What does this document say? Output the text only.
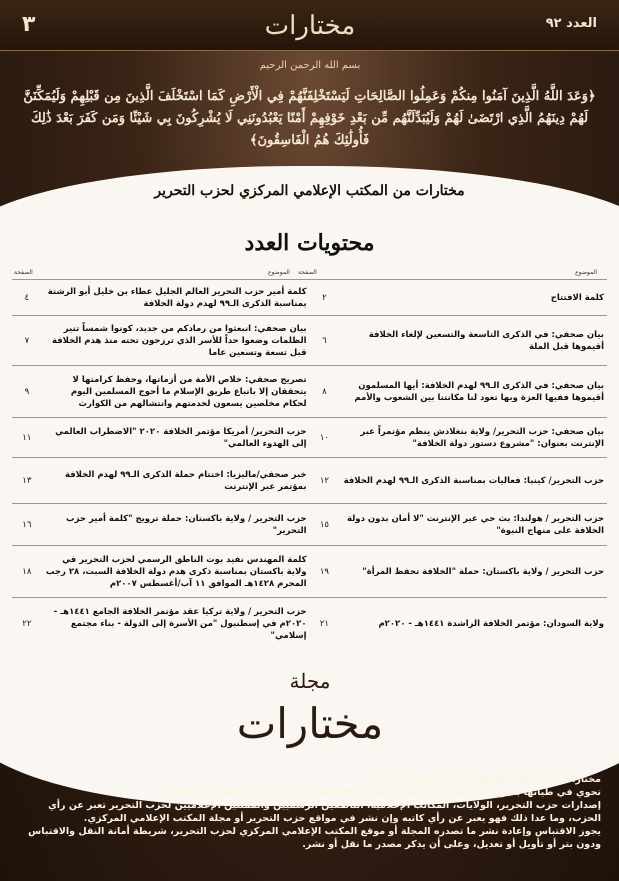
٣	مختارات	العدد ٩٢
بسم الله الرحمن الرحيم
﴿وَعَدَ اللَّهُ الَّذِينَ آمَنُوا مِنكُمْ وَعَمِلُوا الصَّالِحَاتِ لَيَسْتَخْلِفَنَّهُمْ فِي الْأَرْضِ كَمَا اسْتَخْلَفَ الَّذِينَ مِن قَبْلِهِمْ وَلَيُمَكِّنَنَّ لَهُمْ دِينَهُمُ الَّذِي ارْتَضَىٰ لَهُمْ وَلَيُبَدِّلَنَّهُم مِّن بَعْدِ خَوْفِهِمْ أَمْنًا يَعْبُدُونَنِي لَا يُشْرِكُونَ بِي شَيْئًا وَمَن كَفَرَ بَعْدَ ذَٰلِكَ فَأُولَٰئِكَ هُمُ الْفَاسِقُونَ﴾
مختارات من المكتب الإعلامي المركزي لحزب التحرير
محتويات العدد
الموضوع
الصفحة
الموضوع
الصفحة
كلمة الافتتاح	٢	كلمة أمير حزب التحرير العالم الجليل عطاء بن خليل أبو الرشتة بمناسبة الذكرى الـ٩٩ لهدم دولة الخلافة	٤
بيان صحفي: في الذكرى التاسعة والتسعين لإلغاء الخلافة أقيموها قبل الملة	٦	بيان صحفي: انبعثوا من رمادكم من جديد، كونوا شمساً تنير الظلمات وضعوا حداً للأسر الذي ترزحون تحته منذ هدم الخلافة قبل تسعة وتسعين عاما	٧
بيان صحفي: في الذكرى الـ٩٩ لهدم الخلافة: أيها المسلمون أقيموها ففيها العزة وبها تعود لنا مكانتنا بين الشعوب والأمم	٨	تصريح صحفي: خلاص الأمة من أزماتها، وحفظ كرامتها لا يتحققان إلا باتباع طريق الإسلام ما أحوج المسلمين اليوم لحكام مخلصين يسعون لخدمتهم وانتشالهم من الكوارث	٩
بيان صحفي: حزب التحرير/ ولاية بنغلادش ينظم مؤتمراً عبر الإنترنت بعنوان: "مشروع دستور دولة الخلافة"	١٠	حزب التحرير/ أمريكا مؤتمر الخلافة ٢٠٢٠ "الاضطراب العالمي إلى الهدوء العالمي"	١١
حزب التحرير/ كينيا: فعاليات بمناسبة الذكرى الـ٩٩ لهدم الخلافة	١٢	خبر صحفي/ماليزيا: اختتام حملة الذكرى الـ٩٩ لهدم الخلافة بمؤتمر عبر الإنترنت	١٣
حزب التحرير / هولندا: بث حي عبر الإنترنت "لا أمان بدون دولة الخلافة على منهاج النبوة"	١٥	حزب التحرير / ولاية باكستان: حملة ترويج "كلمة أمير حزب التحرير"	١٦
حزب التحرير / ولاية باكستان: حملة "الخلافة تحفظ المرأة"	١٩	كلمة المهندس نفيد بوت الناطق الرسمي لحزب التحرير في ولاية باكستان بمناسبة ذكرى هدم دولة الخلافة السبت، ٢٨ رجب المحرم ١٤٢٨هـ الموافق ١١ آب/أغسطس ٢٠٠٧م	١٨
ولاية السودان: مؤتمر الخلافة الراشدة ١٤٤١هـ - ٢٠٢٠م	٢١	حزب التحرير / ولاية تركيا عقد مؤتمر الخلافة الجامع ١٤٤١هـ - ٢٠٢٠م في إسطنبول "من الأسرة إلى الدولة - بناء مجتمع إسلامي"	٢٢
مجلة
مختارات
مختارات من المكتب الإعلامي المركزي لحزب التحرير
تحوي في طياتها بعض ما تم نشره على موقع المكتب الإعلامي المركزي لحزب التحرير وإذاعته.
إصدارات حزب التحرير، الولايات، المكاتب الإعلامية، الناطقين الرسميين والممثلين الإعلاميين لحزب التحرير تعبر عن رأي الحزب، وما عدا ذلك فهو يعبر عن رأي كاتبه وإن نشر في مواقع حزب التحرير أو مجلة المكتب الإعلامي المركزي.
يجوز الاقتباس وإعادة نشر ما تصدره المجلة أو موقع المكتب الإعلامي المركزي لحزب التحرير، شريطة أمانة النقل والاقتباس ودون بتر أو تأويل أو تعديل، وعلى أن يذكر مصدر ما نقل أو نشر.
